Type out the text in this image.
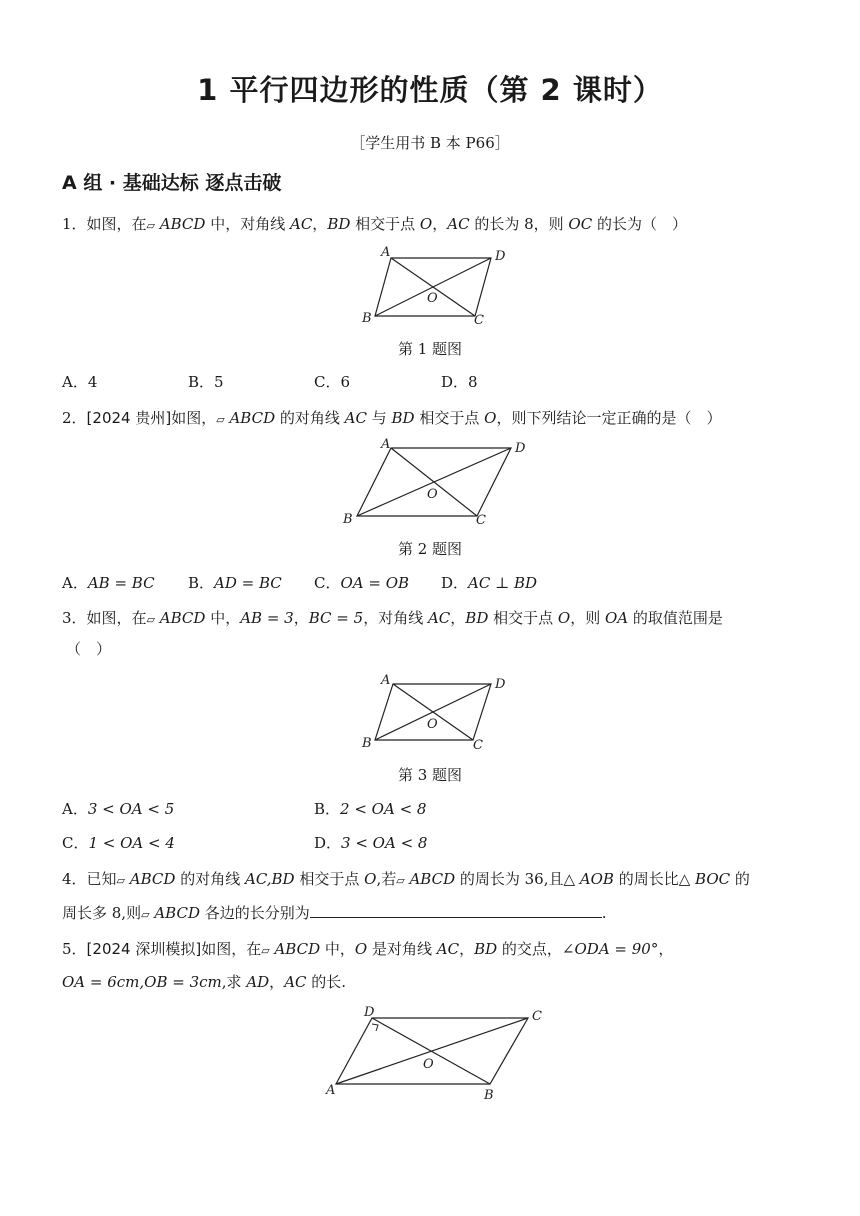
1 平行四边形的性质（第 2 课时）
［学生用书 B 本 P66］
A 组 · 基础达标 逐点击破
1．如图，在▱ ABCD 中，对角线 AC，BD 相交于点 O，AC 的长为 8，则 OC 的长为（　）
A	D
B	C
O
第 1 题图
A．4	B．5	C．6	D．8
2．[2024 贵州]如图，▱ ABCD 的对角线 AC 与 BD 相交于点 O，则下列结论一定正确的是（　）
A	D
B	C
O
第 2 题图
A．AB = BC B．AD = BC C．OA = OB D．AC ⊥ BD
3．如图，在▱ ABCD 中，AB = 3，BC = 5，对角线 AC，BD 相交于点 O，则 OA 的取值范围是
（　）
A	D
B	C
O
第 3 题图
A．3 < OA < 5	B．2 < OA < 8
C．1 < OA < 4	D．3 < OA < 8
4．已知▱ ABCD 的对角线 AC,BD 相交于点 O,若▱ ABCD 的周长为 36,且△ AOB 的周长比△ BOC 的
周长多 8,则▱ ABCD 各边的长分别为	.
5．[2024 深圳模拟]如图，在▱ ABCD 中，O 是对角线 AC，BD 的交点，∠ODA = 90°，
OA = 6cm,OB = 3cm,求 AD，AC 的长.
D	C
A	B
O
